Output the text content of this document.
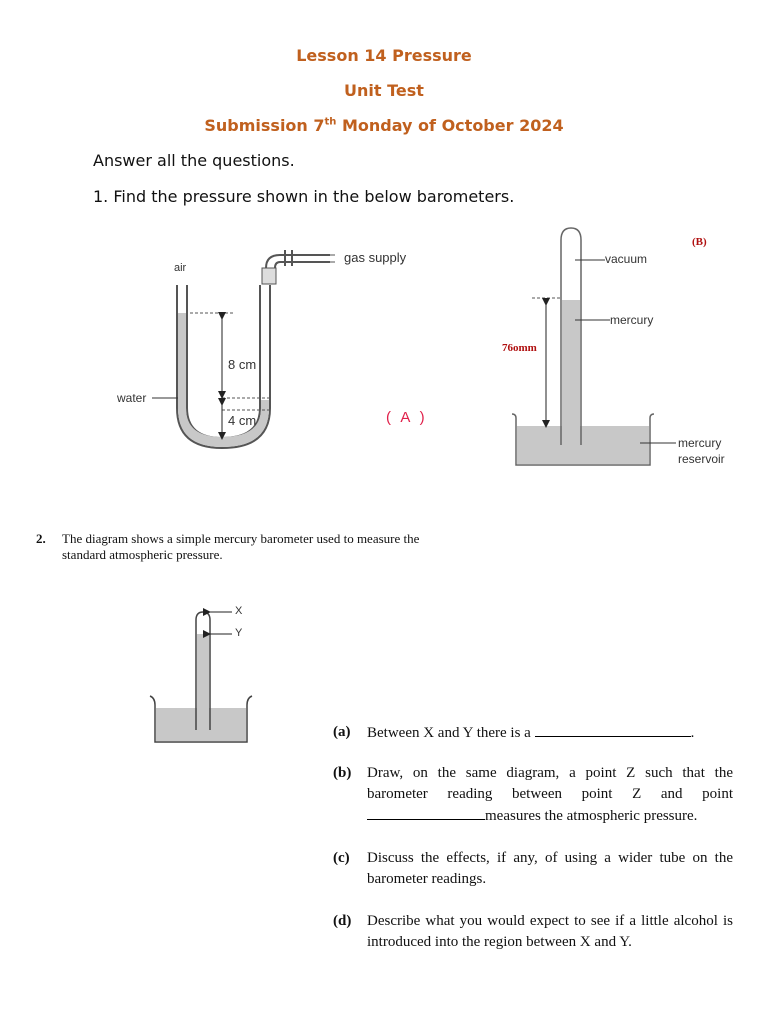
Lesson 14 Pressure
Unit Test
Submission 7th Monday of October 2024
Answer all the questions.
1. Find the pressure shown in the below barometers.
air
gas supply
water
8 cm
4 cm	( A )
(B)
vacuum
mercury
76omm
mercury
reservoir
2. The diagram shows a simple mercury barometer used to measure the standard atmospheric pressure.
X
Y
(a) Between X and Y there is a	.
(b) Draw, on the same diagram, a point Z such that the barometer reading between point Z and point measures the atmospheric pressure.
(c) Discuss the effects, if any, of using a wider tube on the barometer readings.
(d) Describe what you would expect to see if a little alcohol is introduced into the region between X and Y.
